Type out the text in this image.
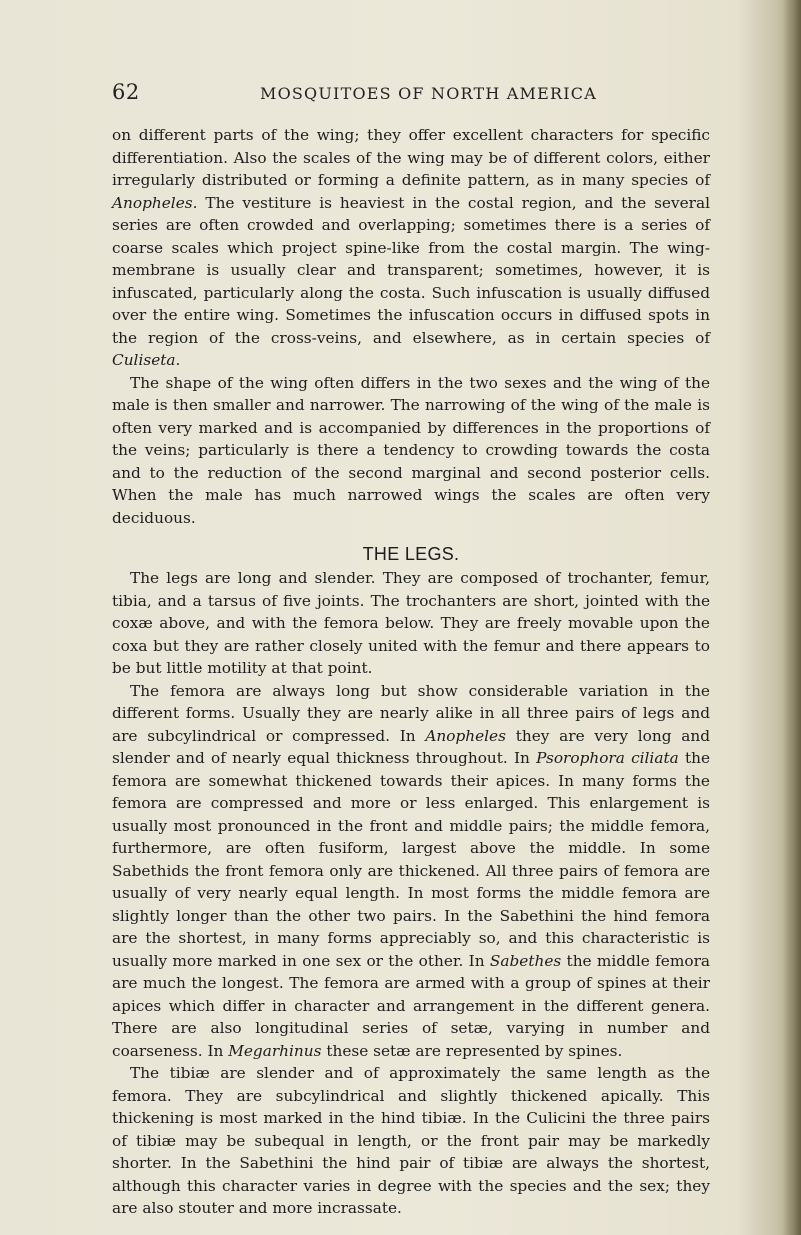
62	MOSQUITOES OF NORTH AMERICA

on different parts of the wing; they offer excellent characters for specific differentiation. Also the scales of the wing may be of different colors, either irregularly distributed or forming a definite pattern, as in many species of Anopheles. The vestiture is heaviest in the costal region, and the several series are often crowded and overlapping; sometimes there is a series of coarse scales which project spine-like from the costal margin. The wing-membrane is usually clear and transparent; sometimes, however, it is infuscated, particularly along the costa. Such infuscation is usually diffused over the entire wing. Sometimes the infuscation occurs in diffused spots in the region of the cross-veins, and elsewhere, as in certain species of Culiseta.

The shape of the wing often differs in the two sexes and the wing of the male is then smaller and narrower. The narrowing of the wing of the male is often very marked and is accompanied by differences in the proportions of the veins; particularly is there a tendency to crowding towards the costa and to the reduction of the second marginal and second posterior cells. When the male has much narrowed wings the scales are often very deciduous.

THE LEGS.

The legs are long and slender. They are composed of trochanter, femur, tibia, and a tarsus of five joints. The trochanters are short, jointed with the coxæ above, and with the femora below. They are freely movable upon the coxa but they are rather closely united with the femur and there appears to be but little motility at that point.

The femora are always long but show considerable variation in the different forms. Usually they are nearly alike in all three pairs of legs and are subcylindrical or compressed. In Anopheles they are very long and slender and of nearly equal thickness throughout. In Psorophora ciliata the femora are somewhat thickened towards their apices. In many forms the femora are compressed and more or less enlarged. This enlargement is usually most pronounced in the front and middle pairs; the middle femora, furthermore, are often fusiform, largest above the middle. In some Sabethids the front femora only are thickened. All three pairs of femora are usually of very nearly equal length. In most forms the middle femora are slightly longer than the other two pairs. In the Sabethini the hind femora are the shortest, in many forms appreciably so, and this characteristic is usually more marked in one sex or the other. In Sabethes the middle femora are much the longest. The femora are armed with a group of spines at their apices which differ in character and arrangement in the different genera. There are also longitudinal series of setæ, varying in number and coarseness. In Megarhinus these setæ are represented by spines.

The tibiæ are slender and of approximately the same length as the femora. They are subcylindrical and slightly thickened apically. This thickening is most marked in the hind tibiæ. In the Culicini the three pairs of tibiæ may be subequal in length, or the front pair may be markedly shorter. In the Sabethini the hind pair of tibiæ are always the shortest, although this character varies in degree with the species and the sex; they are also stouter and more incrassate.
